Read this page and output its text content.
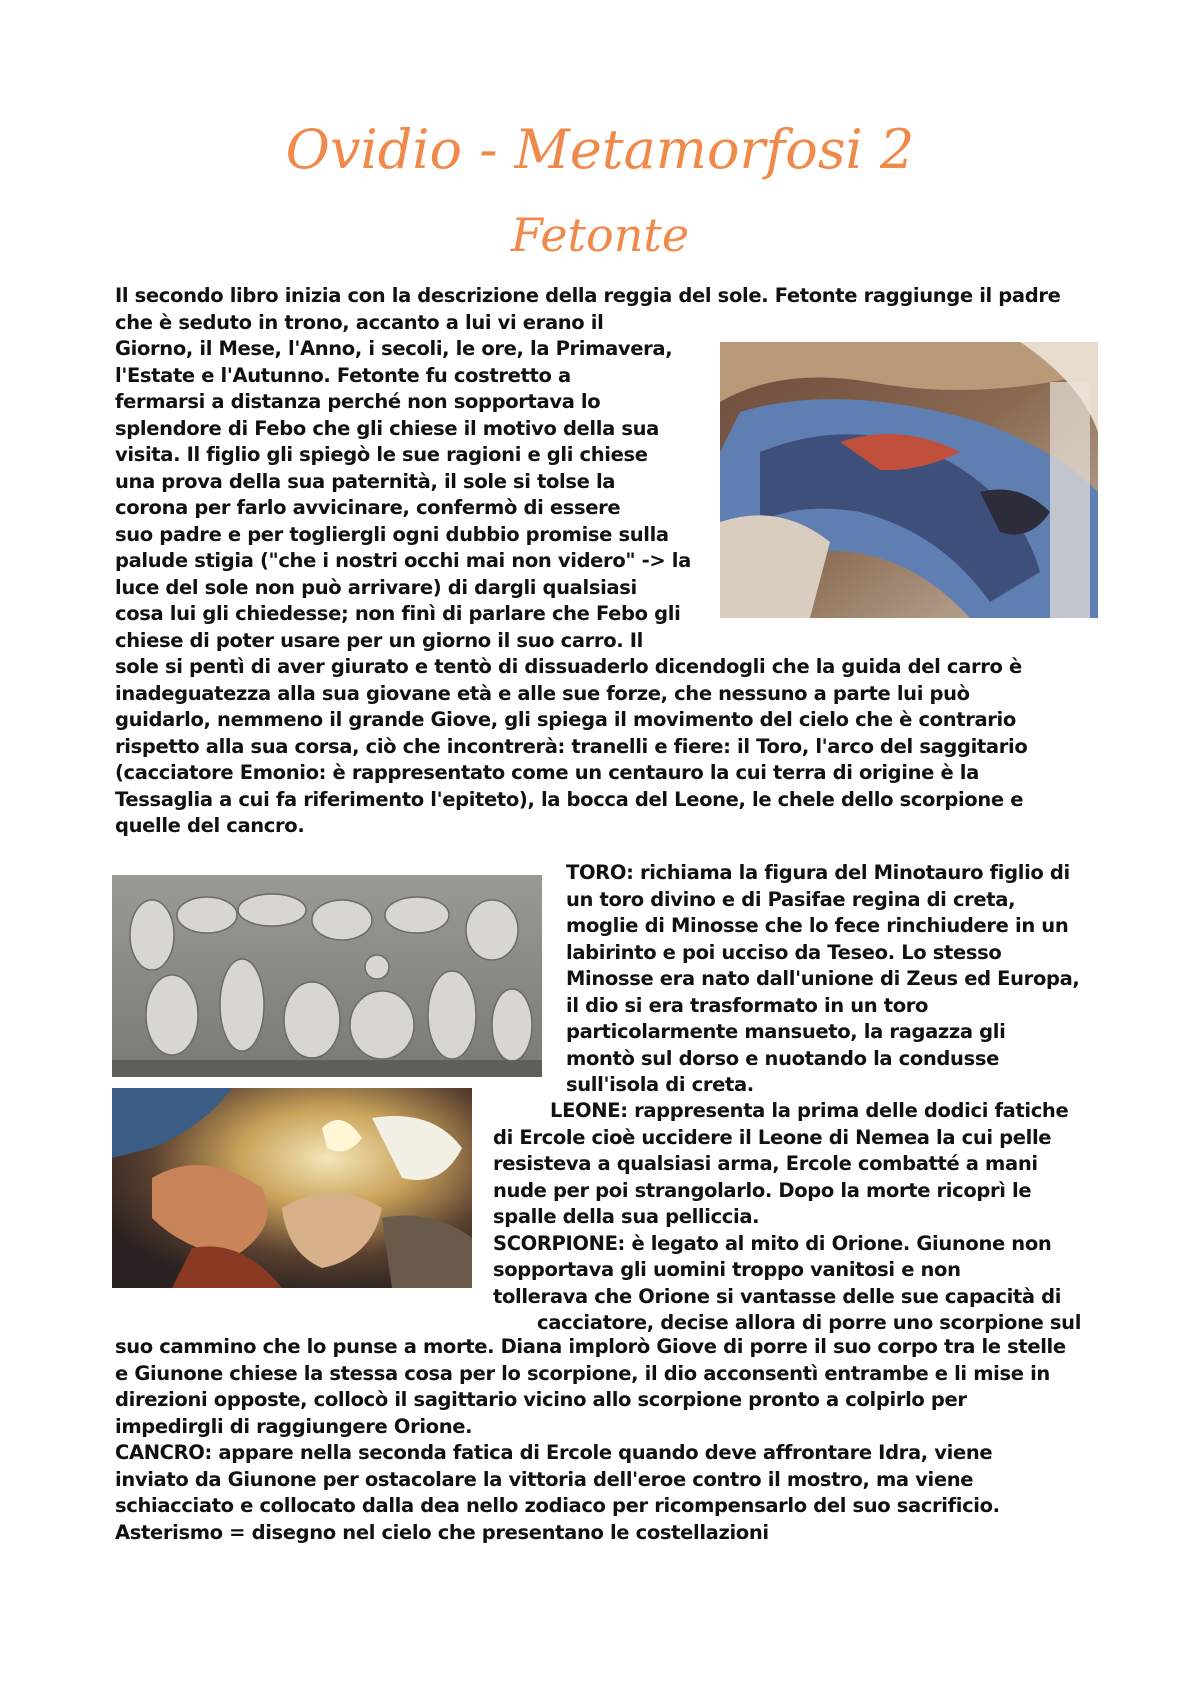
Ovidio - Metamorfosi 2
Fetonte
Il secondo libro inizia con la descrizione della reggia del sole. Fetonte raggiunge il padre
che è seduto in trono, accanto a lui vi erano il
Giorno, il Mese, l'Anno, i secoli, le ore, la Primavera,
l'Estate e l'Autunno. Fetonte fu costretto a
fermarsi a distanza perché non sopportava lo
splendore di Febo che gli chiese il motivo della sua
visita. Il figlio gli spiegò le sue ragioni e gli chiese
una prova della sua paternità, il sole si tolse la
corona per farlo avvicinare, confermò di essere
suo padre e per togliergli ogni dubbio promise sulla
palude stigia ("che i nostri occhi mai non videro" -> la
luce del sole non può arrivare) di dargli qualsiasi
cosa lui gli chiedesse; non finì di parlare che Febo gli
chiese di poter usare per un giorno il suo carro. Il
sole si pentì di aver giurato e tentò di dissuaderlo dicendogli che la guida del carro è
inadeguatezza alla sua giovane età e alle sue forze, che nessuno a parte lui può
guidarlo, nemmeno il grande Giove, gli spiega il movimento del cielo che è contrario
rispetto alla sua corsa, ciò che incontrerà: tranelli e fiere: il Toro, l'arco del saggitario
(cacciatore Emonio: è rappresentato come un centauro la cui terra di origine è la
Tessaglia a cui fa riferimento l'epiteto), la bocca del Leone, le chele dello scorpione e
quelle del cancro.
TORO: richiama la figura del Minotauro figlio di
un toro divino e di Pasifae regina di creta,
moglie di Minosse che lo fece rinchiudere in un
labirinto e poi ucciso da Teseo. Lo stesso
Minosse era nato dall'unione di Zeus ed Europa,
il dio si era trasformato in un toro
particolarmente mansueto, la ragazza gli
montò sul dorso e nuotando la condusse
sull'isola di creta.
LEONE: rappresenta la prima delle dodici fatiche
di Ercole cioè uccidere il Leone di Nemea la cui pelle
resisteva a qualsiasi arma, Ercole combatté a mani
nude per poi strangolarlo. Dopo la morte ricoprì le
spalle della sua pelliccia.
SCORPIONE: è legato al mito di Orione. Giunone non
sopportava gli uomini troppo vanitosi e non
tollerava che Orione si vantasse delle sue capacità di
cacciatore, decise allora di porre uno scorpione sul
suo cammino che lo punse a morte. Diana implorò Giove di porre il suo corpo tra le stelle
e Giunone chiese la stessa cosa per lo scorpione, il dio acconsentì entrambe e li mise in
direzioni opposte, collocò il sagittario vicino allo scorpione pronto a colpirlo per
impedirgli di raggiungere Orione.
CANCRO: appare nella seconda fatica di Ercole quando deve affrontare Idra, viene
inviato da Giunone per ostacolare la vittoria dell'eroe contro il mostro, ma viene
schiacciato e collocato dalla dea nello zodiaco per ricompensarlo del suo sacrificio.
Asterismo = disegno nel cielo che presentano le costellazioni
